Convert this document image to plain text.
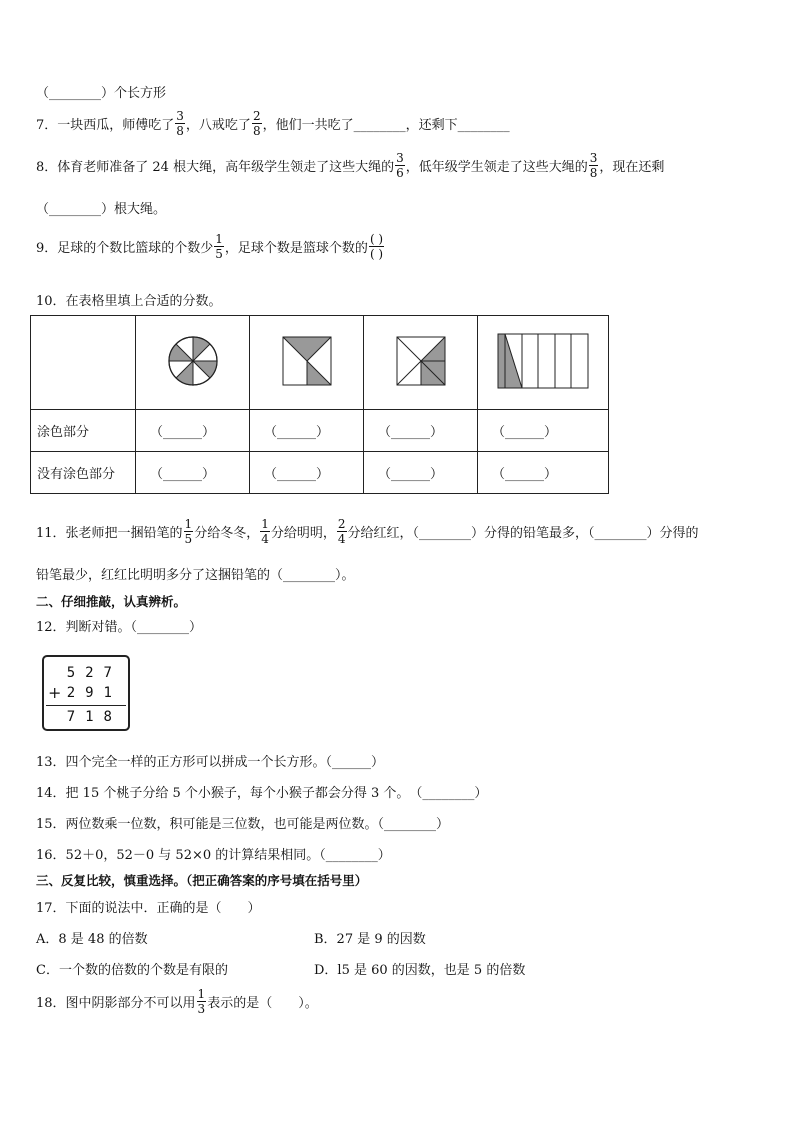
（________）个长方形
7．一块西瓜，师傅吃了 $\frac{3}{8}$ ，八戒吃了 $\frac{2}{8}$ ，他们一共吃了________，还剩下________
8．体育老师准备了 24 根大绳，高年级学生领走了这些大绳的 $\frac{3}{6}$ ，低年级学生领走了这些大绳的 $\frac{3}{8}$ ，现在还剩
（________）根大绳。
9．足球的个数比篮球的个数少 $\frac{1}{5}$ ，足球个数是篮球个数的 $\frac{( )}{( )}$
10．在表格里填上合适的分数。

涂色部分	（______）	（______）	（______）	（______）
没有涂色部分	（______）	（______）	（______）	（______）
11．张老师把一捆铅笔的 $\frac{1}{5}$ 分给冬冬， $\frac{1}{4}$ 分给明明， $\frac{2}{4}$ 分给红红，（________）分得的铅笔最多，（________）分得的
铅笔最少，红红比明明多分了这捆铅笔的（________）。
二、仔细推敲，认真辨析。
12．判断对错。（________）
527
+ 291
718
13．四个完全一样的正方形可以拼成一个长方形。（______）
14．把 15 个桃子分给 5 个小猴子，每个小猴子都会分得 3 个。　（________）
15．两位数乘一位数，积可能是三位数，也可能是两位数。（________）
16．52＋0，52－0 与 52×0 的计算结果相同。（________）
三、反复比较，慎重选择。（把正确答案的序号填在括号里）
17．下面的说法中．正确的是（　　）
A．8 是 48 的倍数	B．27 是 9 的因数
C．一个数的倍数的个数是有限的	D．l5 是 60 的因数，也是 5 的倍数
18．图中阴影部分不可以用 $\frac{1}{3}$ 表示的是（　　）。
